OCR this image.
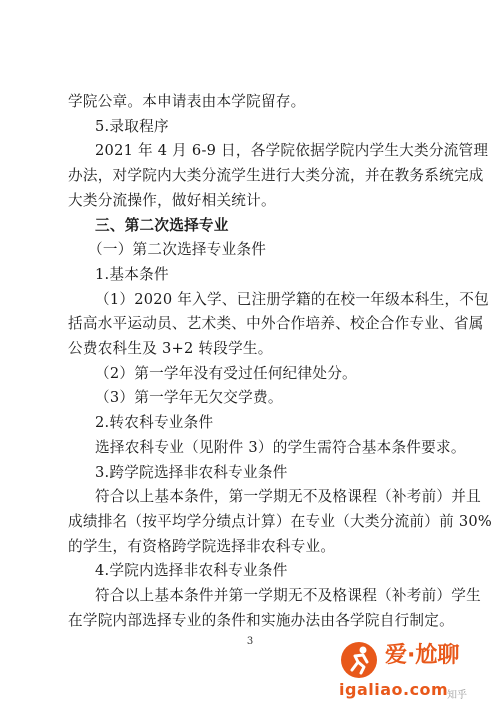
学院公章。本申请表由本学院留存。
5.录取程序
2021 年 4 月 6-9 日，各学院依据学院内学生大类分流管理
办法，对学院内大类分流学生进行大类分流，并在教务系统完成
大类分流操作，做好相关统计。
三、第二次选择专业
（一）第二次选择专业条件
1.基本条件
（1）2020 年入学、已注册学籍的在校一年级本科生，不包
括高水平运动员、艺术类、中外合作培养、校企合作专业、省属
公费农科生及 3+2 转段学生。
（2）第一学年没有受过任何纪律处分。
（3）第一学年无欠交学费。
2.转农科专业条件
选择农科专业（见附件 3）的学生需符合基本条件要求。
3.跨学院选择非农科专业条件
符合以上基本条件，第一学期无不及格课程（补考前）并且
成绩排名（按平均学分绩点计算）在专业（大类分流前）前 30%
的学生，有资格跨学院选择非农科专业。
4.学院内选择非农科专业条件
符合以上基本条件并第一学期无不及格课程（补考前）学生
在学院内部选择专业的条件和实施办法由各学院自行制定。
3
爱·尬聊
igaliao.com
知乎
